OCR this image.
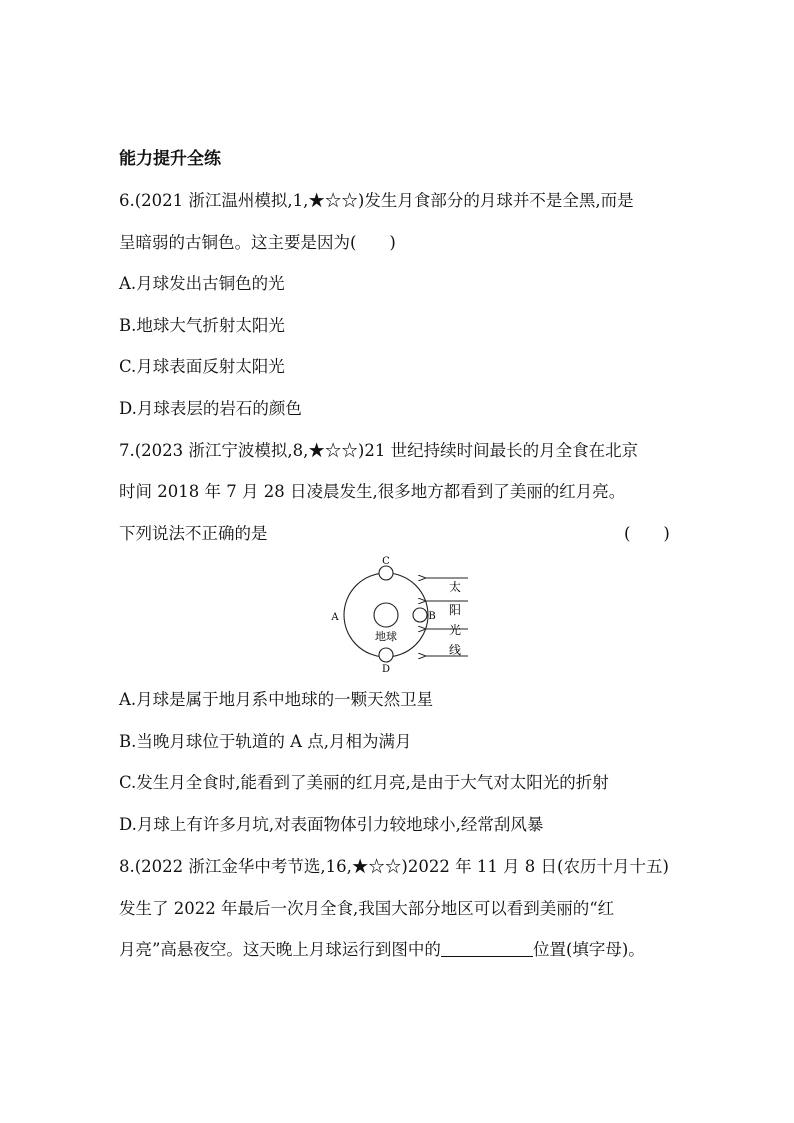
能力提升全练
6.(2021 浙江温州模拟,1,★☆☆)发生月食部分的月球并不是全黑,而是
呈暗弱的古铜色。这主要是因为(　　)
A.月球发出古铜色的光
B.地球大气折射太阳光
C.月球表面反射太阳光
D.月球表层的岩石的颜色
7.(2023 浙江宁波模拟,8,★☆☆)21 世纪持续时间最长的月全食在北京
时间 2018 年 7 月 28 日凌晨发生,很多地方都看到了美丽的红月亮。
下列说法不正确的是	(　　)
地球
C
B
D
A
太
阳
光
线
A.月球是属于地月系中地球的一颗天然卫星
B.当晚月球位于轨道的 A 点,月相为满月
C.发生月全食时,能看到了美丽的红月亮,是由于大气对太阳光的折射
D.月球上有许多月坑,对表面物体引力较地球小,经常刮风暴
8.(2022 浙江金华中考节选,16,★☆☆)2022 年 11 月 8 日(农历十月十五)
发生了 2022 年最后一次月全食,我国大部分地区可以看到美丽的“红
月亮”高悬夜空。这天晚上月球运行到图中的	位置(填字母)。
